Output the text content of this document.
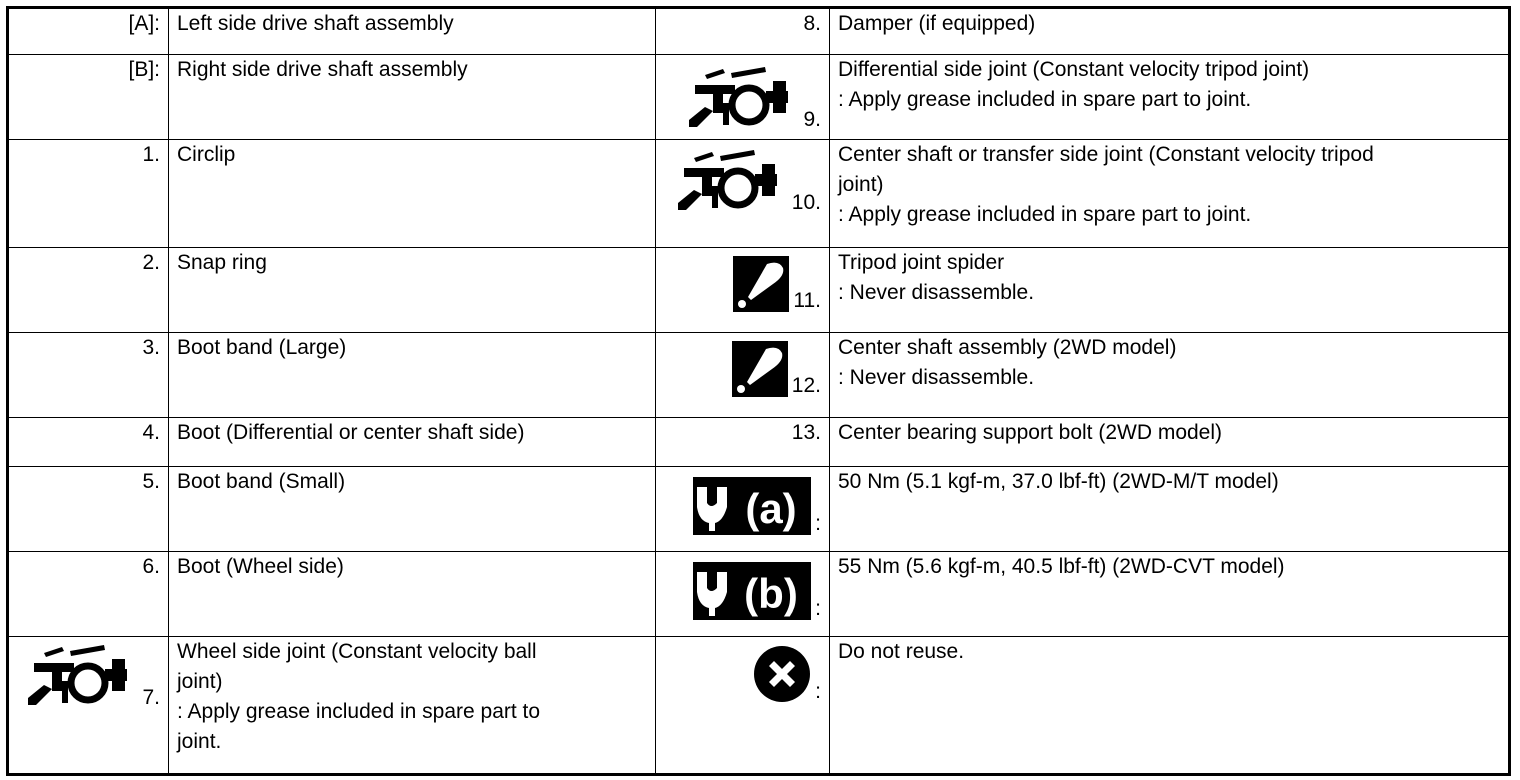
[A]:	Left side drive shaft assembly	8.	Damper (if equipped)

[B]:	Right side drive shaft assembly	9.	Differential side joint (Constant velocity tripod joint)
: Apply grease included in spare part to joint.

1.	Circlip	10.	Center shaft or transfer side joint (Constant velocity tripod
joint)
: Apply grease included in spare part to joint.

2.	Snap ring	11.	Tripod joint spider
: Never disassemble.

3.	Boot band (Large)	12.	Center shaft assembly (2WD model)
: Never disassemble.

4.	Boot (Differential or center shaft side)	13.	Center bearing support bolt (2WD model)

5.	Boot band (Small)	(a) :	50 Nm (5.1 kgf-m, 37.0 lbf-ft) (2WD-M/T model)

6.	Boot (Wheel side)	(b) :	55 Nm (5.6 kgf-m, 40.5 lbf-ft) (2WD-CVT model)

7.	Wheel side joint (Constant velocity ball
joint)
: Apply grease included in spare part to
joint.	:	Do not reuse.
